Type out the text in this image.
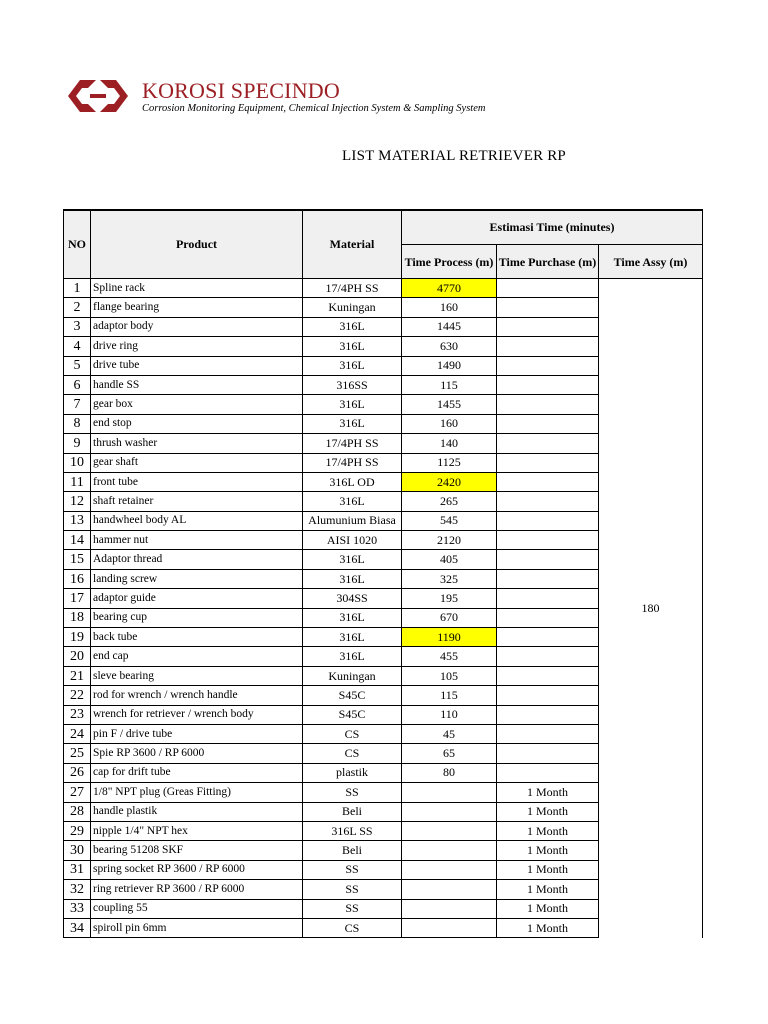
KOROSI SPECINDO
Corrosion Monitoring Equipment, Chemical Injection System & Sampling System
LIST MATERIAL RETRIEVER RP
NO	Product	Material	Estimasi Time (minutes)		
			Time Process (m)	Time Purchase (m)	Time Assy (m)
1	Spline rack	17/4PH SS	4770		180
2	flange bearing	Kuningan	160		
3	adaptor body	316L	1445		
4	drive ring	316L	630		
5	drive tube	316L	1490		
6	handle SS	316SS	115		
7	gear box	316L	1455		
8	end stop	316L	160		
9	thrush washer	17/4PH SS	140		
10	gear shaft	17/4PH SS	1125		
11	front tube	316L OD	2420		
12	shaft retainer	316L	265		
13	handwheel body AL	Alumunium Biasa	545		
14	hammer nut	AISI 1020	2120		
15	Adaptor thread	316L	405		
16	landing screw	316L	325		
17	adaptor guide	304SS	195		
18	bearing cup	316L	670		
19	back tube	316L	1190		
20	end cap	316L	455		
21	sleve bearing	Kuningan	105		
22	rod for wrench / wrench handle	S45C	115		
23	wrench for retriever / wrench body	S45C	110		
24	pin F / drive tube	CS	45		
25	Spie RP 3600 / RP 6000	CS	65		
26	cap for drift tube	plastik	80		
27	1/8" NPT plug (Greas Fitting)	SS		1 Month	
28	handle plastik	Beli		1 Month	
29	nipple 1/4" NPT hex	316L SS		1 Month	
30	bearing 51208 SKF	Beli		1 Month	
31	spring socket RP 3600 / RP 6000	SS		1 Month	
32	ring retriever RP 3600 / RP 6000	SS		1 Month	
33	coupling 55	SS		1 Month	
34	spiroll pin 6mm	CS		1 Month	
